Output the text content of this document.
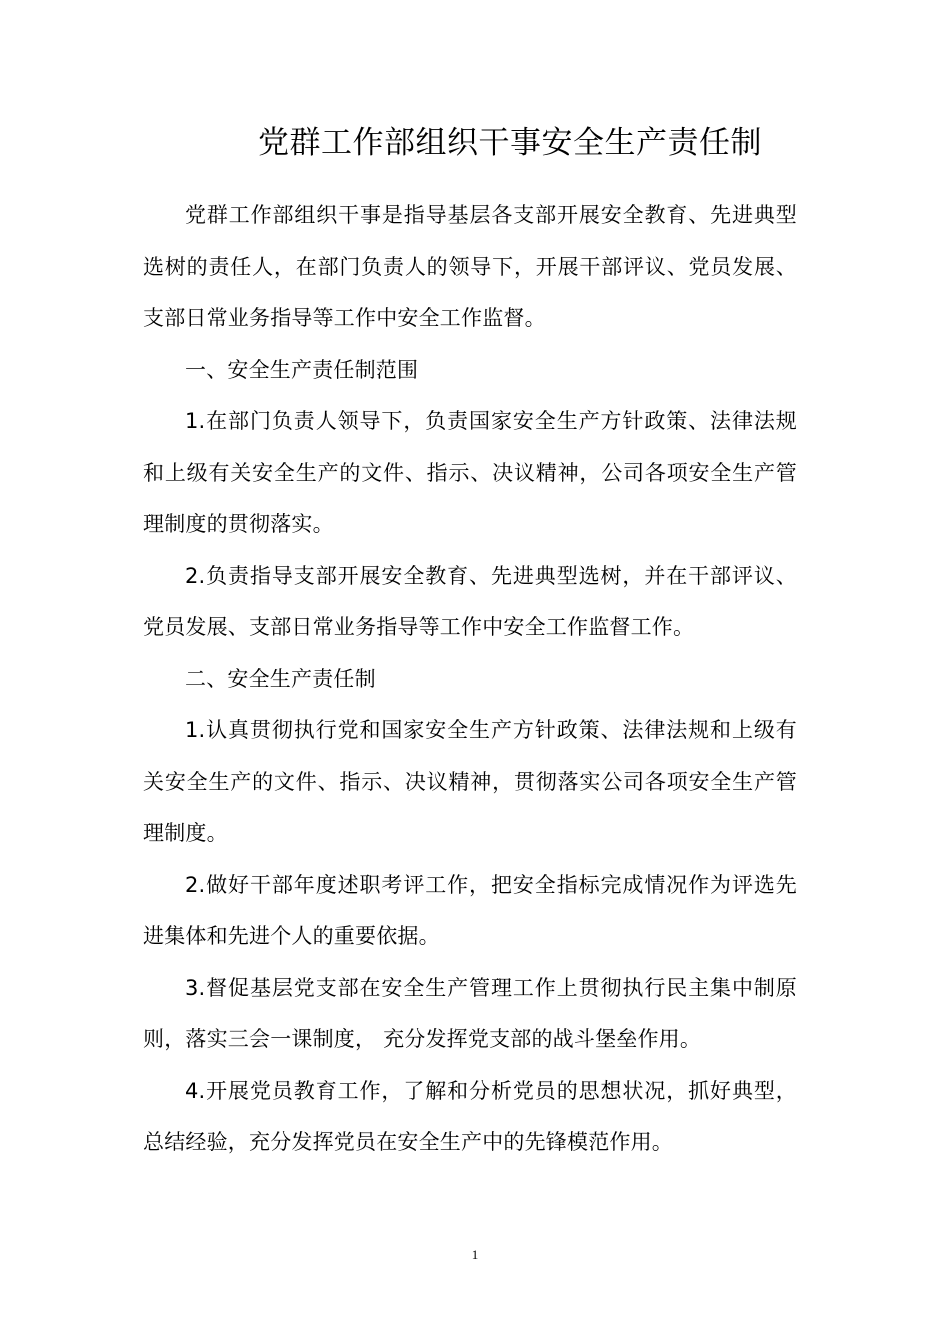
党群工作部组织干事安全生产责任制

党群工作部组织干事是指导基层各支部开展安全教育、先进典型选树的责任人，在部门负责人的领导下，开展干部评议、党员发展、支部日常业务指导等工作中安全工作监督。

一、安全生产责任制范围

1.在部门负责人领导下，负责国家安全生产方针政策、法律法规和上级有关安全生产的文件、指示、决议精神，公司各项安全生产管理制度的贯彻落实。

2.负责指导支部开展安全教育、先进典型选树，并在干部评议、党员发展、支部日常业务指导等工作中安全工作监督工作。

二、安全生产责任制

1.认真贯彻执行党和国家安全生产方针政策、法律法规和上级有关安全生产的文件、指示、决议精神，贯彻落实公司各项安全生产管理制度。

2.做好干部年度述职考评工作，把安全指标完成情况作为评选先进集体和先进个人的重要依据。

3.督促基层党支部在安全生产管理工作上贯彻执行民主集中制原则，落实三会一课制度， 充分发挥党支部的战斗堡垒作用。

4.开展党员教育工作，了解和分析党员的思想状况，抓好典型，总结经验，充分发挥党员在安全生产中的先锋模范作用。

1
